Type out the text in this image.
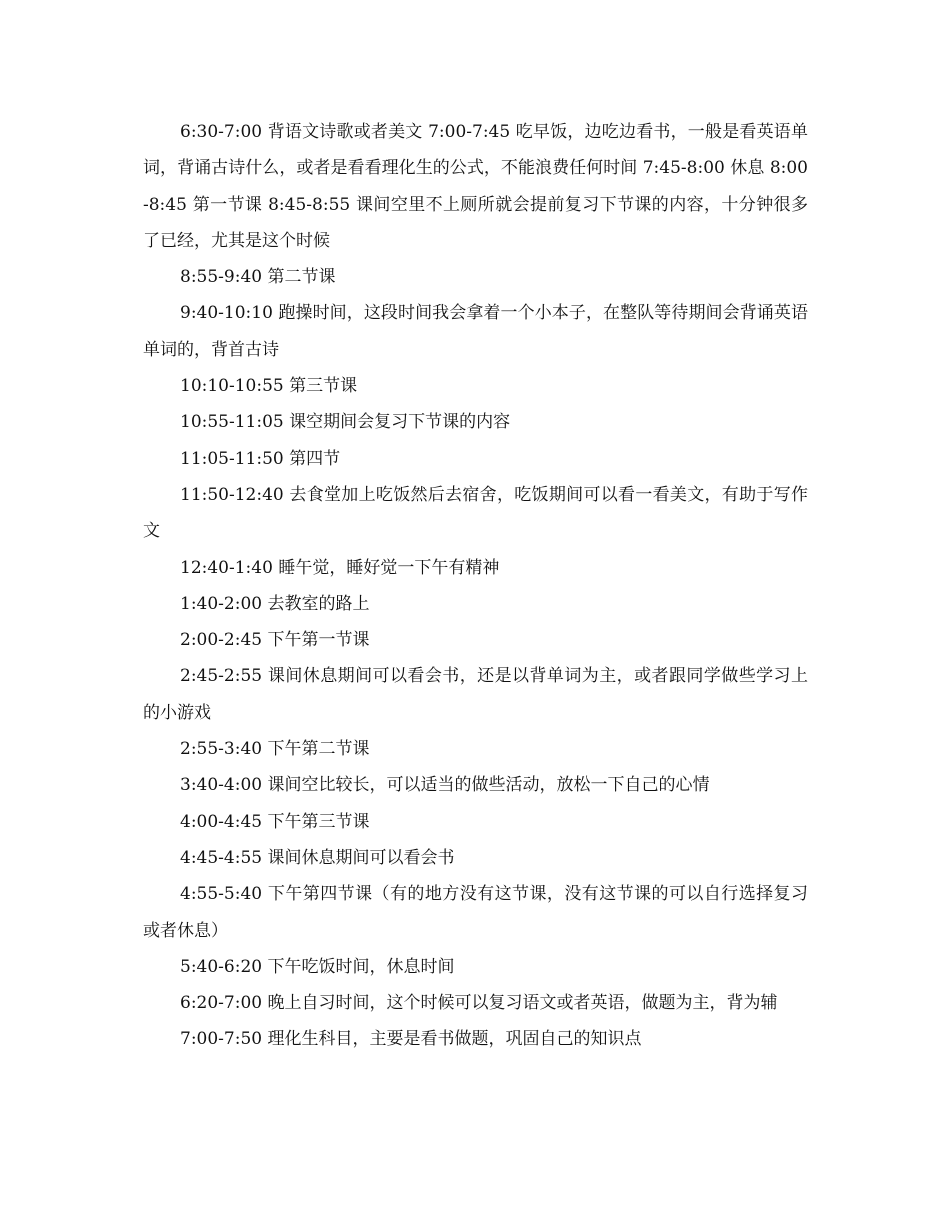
6:30-7:00 背语文诗歌或者美文 7:00-7:45 吃早饭，边吃边看书，一般是看英语单词，背诵古诗什么，或者是看看理化生的公式，不能浪费任何时间 7:45-8:00 休息 8:00-8:45 第一节课 8:45-8:55 课间空里不上厕所就会提前复习下节课的内容，十分钟很多了已经，尤其是这个时候

8:55-9:40 第二节课

9:40-10:10 跑操时间，这段时间我会拿着一个小本子，在整队等待期间会背诵英语单词的，背首古诗

10:10-10:55 第三节课

10:55-11:05 课空期间会复习下节课的内容

11:05-11:50 第四节

11:50-12:40 去食堂加上吃饭然后去宿舍，吃饭期间可以看一看美文，有助于写作文

12:40-1:40 睡午觉，睡好觉一下午有精神

1:40-2:00 去教室的路上

2:00-2:45 下午第一节课

2:45-2:55 课间休息期间可以看会书，还是以背单词为主，或者跟同学做些学习上的小游戏

2:55-3:40 下午第二节课

3:40-4:00 课间空比较长，可以适当的做些活动，放松一下自己的心情

4:00-4:45 下午第三节课

4:45-4:55 课间休息期间可以看会书

4:55-5:40 下午第四节课（有的地方没有这节课，没有这节课的可以自行选择复习或者休息）

5:40-6:20 下午吃饭时间，休息时间

6:20-7:00 晚上自习时间，这个时候可以复习语文或者英语，做题为主，背为辅

7:00-7:50 理化生科目，主要是看书做题，巩固自己的知识点
